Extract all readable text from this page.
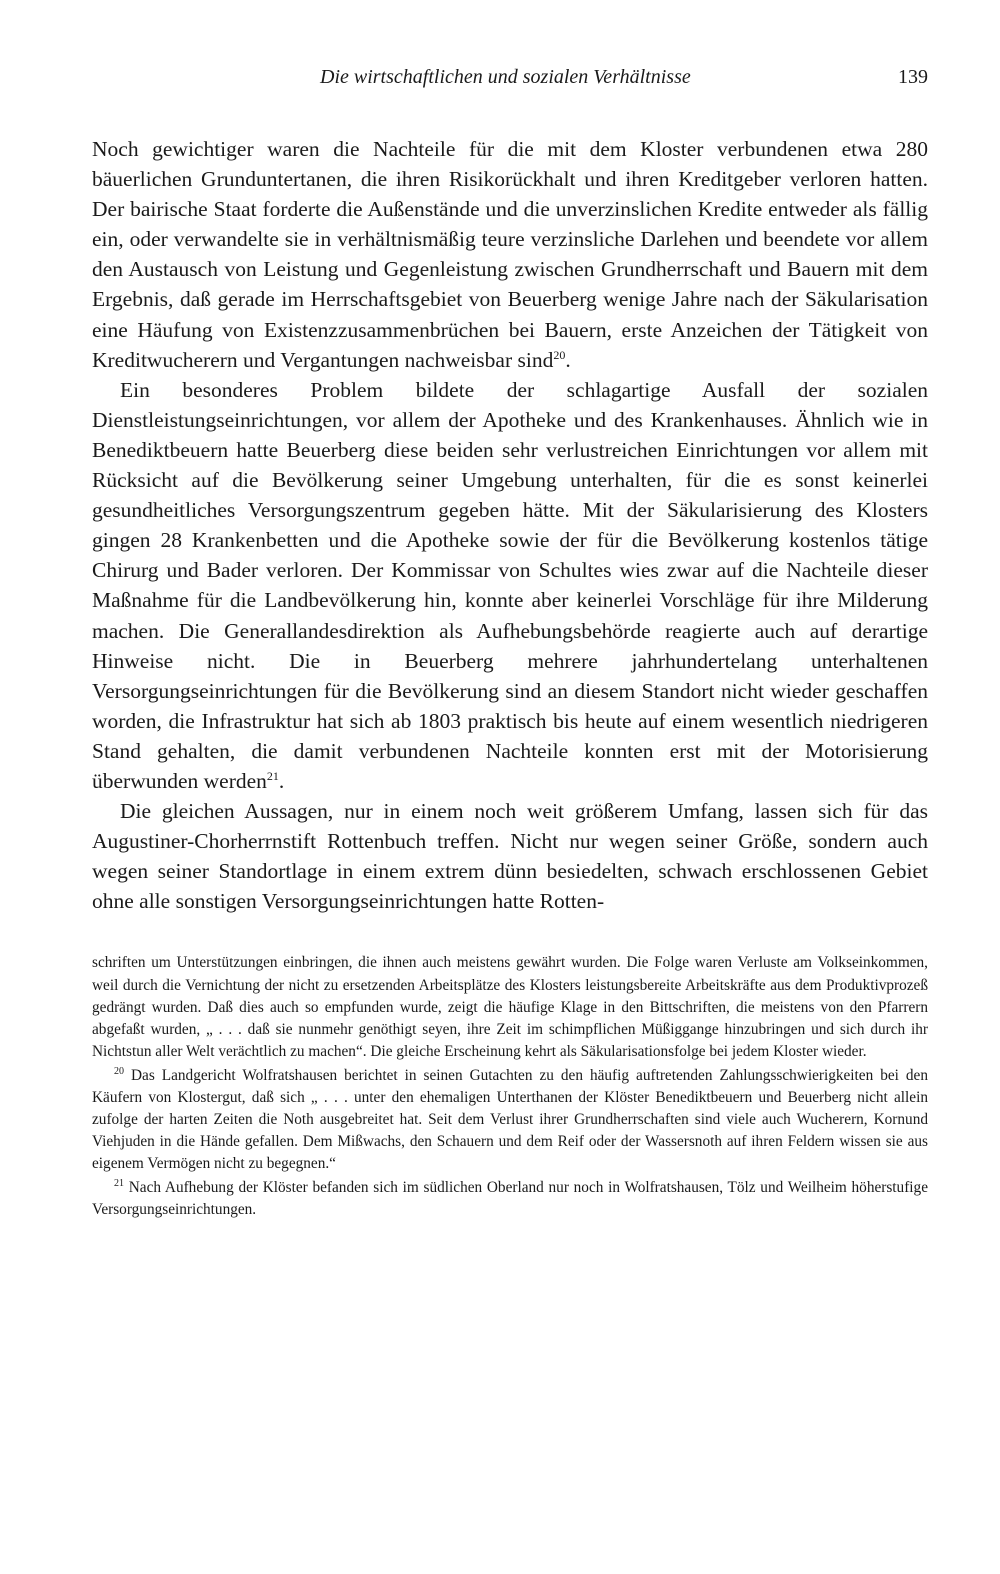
Die wirtschaftlichen und sozialen Verhältnisse	139

Noch gewichtiger waren die Nachteile für die mit dem Kloster verbundenen etwa 280 bäuerlichen Grunduntertanen, die ihren Risikorückhalt und ihren Kreditgeber verloren hatten. Der bairische Staat forderte die Außenstände und die unverzinslichen Kredite entweder als fällig ein, oder verwandelte sie in verhältnismäßig teure verzinsliche Darlehen und beendete vor allem den Austausch von Leistung und Gegenleistung zwischen Grundherrschaft und Bauern mit dem Ergebnis, daß gerade im Herrschaftsgebiet von Beuerberg wenige Jahre nach der Säkularisation eine Häufung von Existenzzusammenbrüchen bei Bauern, erste Anzeichen der Tätigkeit von Kreditwucherern und Vergantungen nachweisbar sind$^{20}$.

Ein besonderes Problem bildete der schlagartige Ausfall der sozialen Dienstleistungseinrichtungen, vor allem der Apotheke und des Krankenhauses. Ähnlich wie in Benediktbeuern hatte Beuerberg diese beiden sehr verlustreichen Einrichtungen vor allem mit Rücksicht auf die Bevölkerung seiner Umgebung unterhalten, für die es sonst keinerlei gesundheitliches Versorgungszentrum gegeben hätte. Mit der Säkularisierung des Klosters gingen 28 Krankenbetten und die Apotheke sowie der für die Bevölkerung kostenlos tätige Chirurg und Bader verloren. Der Kommissar von Schultes wies zwar auf die Nachteile dieser Maßnahme für die Landbevölkerung hin, konnte aber keinerlei Vorschläge für ihre Milderung machen. Die Generallandesdirektion als Aufhebungsbehörde reagierte auch auf derartige Hinweise nicht. Die in Beuerberg mehrere jahrhundertelang unterhaltenen Versorgungseinrichtungen für die Bevölkerung sind an diesem Standort nicht wieder geschaffen worden, die Infrastruktur hat sich ab 1803 praktisch bis heute auf einem wesentlich niedrigeren Stand gehalten, die damit verbundenen Nachteile konnten erst mit der Motorisierung überwunden werden$^{21}$.

Die gleichen Aussagen, nur in einem noch weit größerem Umfang, lassen sich für das Augustiner-Chorherrnstift Rottenbuch treffen. Nicht nur wegen seiner Größe, sondern auch wegen seiner Standortlage in einem extrem dünn besiedelten, schwach erschlossenen Gebiet ohne alle sonstigen Versorgungseinrichtungen hatte Rotten-

schriften um Unterstützungen einbringen, die ihnen auch meistens gewährt wurden. Die Folge waren Verluste am Volkseinkommen, weil durch die Vernichtung der nicht zu ersetzenden Arbeitsplätze des Klosters leistungsbereite Arbeitskräfte aus dem Produktivprozeß gedrängt wurden. Daß dies auch so empfunden wurde, zeigt die häufige Klage in den Bittschriften, die meistens von den Pfarrern abgefaßt wurden, „ . . . daß sie nunmehr genöthigt seyen, ihre Zeit im schimpflichen Müßiggange hinzubringen und sich durch ihr Nichtstun aller Welt verächtlich zu machen“. Die gleiche Erscheinung kehrt als Säkularisationsfolge bei jedem Kloster wieder.

$^{20}$ Das Landgericht Wolfratshausen berichtet in seinen Gutachten zu den häufig auftretenden Zahlungsschwierigkeiten bei den Käufern von Klostergut, daß sich „ . . . unter den ehemaligen Unterthanen der Klöster Benediktbeuern und Beuerberg nicht allein zufolge der harten Zeiten die Noth ausgebreitet hat. Seit dem Verlust ihrer Grundherrschaften sind viele auch Wucherern, Kornund Viehjuden in die Hände gefallen. Dem Mißwachs, den Schauern und dem Reif oder der Wassersnoth auf ihren Feldern wissen sie aus eigenem Vermögen nicht zu begegnen.“

$^{21}$ Nach Aufhebung der Klöster befanden sich im südlichen Oberland nur noch in Wolfratshausen, Tölz und Weilheim höherstufige Versorgungseinrichtungen.
